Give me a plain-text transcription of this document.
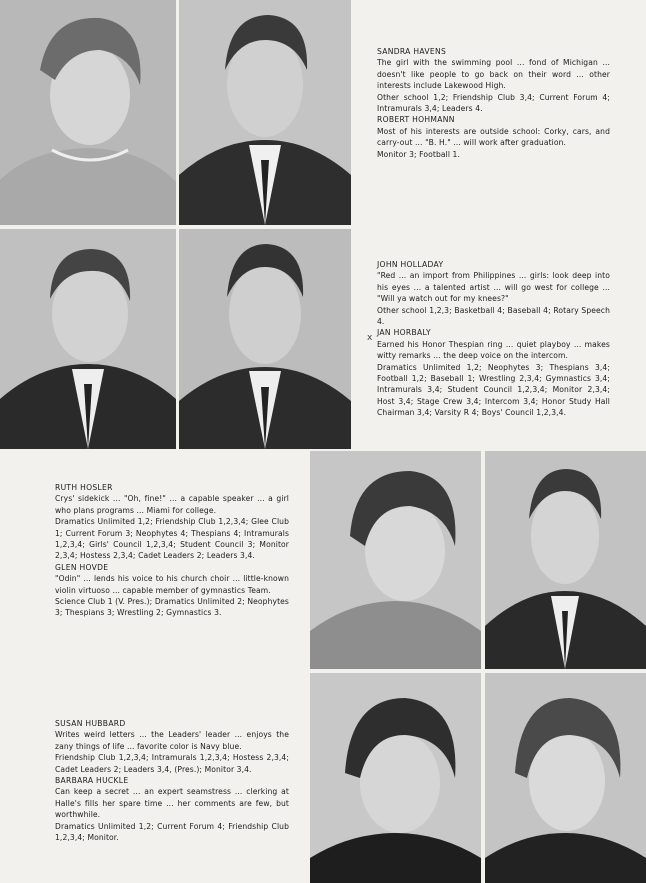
SANDRA HAVENS

The girl with the swimming pool ... fond of Michigan ... doesn't like people to go back on their word ... other interests include Lakewood High.

Other school 1,2; Friendship Club 3,4; Current Forum 4; Intramurals 3,4; Leaders 4.

ROBERT HOHMANN

Most of his interests are outside school: Corky, cars, and carry-out ... "B. H." ... will work after graduation.

Monitor 3; Football 1.

JOHN HOLLADAY

"Red ... an import from Philippines ... girls: look deep into his eyes ... a talented artist ... will go west for college ... "Will ya watch out for my knees?"

Other school 1,2,3; Basketball 4; Baseball 4; Rotary Speech 4.

JAN HORBALY

Earned his Honor Thespian ring ... quiet playboy ... makes witty remarks ... the deep voice on the intercom.

Dramatics Unlimited 1,2; Neophytes 3; Thespians 3,4; Football 1,2; Baseball 1; Wrestling 2,3,4; Gymnastics 3,4; Intramurals 3,4; Student Council 1,2,3,4; Monitor 2,3,4; Host 3,4; Stage Crew 3,4; Intercom 3,4; Honor Study Hall Chairman 3,4; Varsity R 4; Boys' Council 1,2,3,4.

x

RUTH HOSLER

Crys' sidekick ... "Oh, fine!" ... a capable speaker ... a girl who plans programs ... Miami for college.

Dramatics Unlimited 1,2; Friendship Club 1,2,3,4; Glee Club 1; Current Forum 3; Neophytes 4; Thespians 4; Intramurals 1,2,3,4; Girls' Council 1,2,3,4; Student Council 3; Monitor 2,3,4; Hostess 2,3,4; Cadet Leaders 2; Leaders 3,4.

GLEN HOVDE

"Odin" ... lends his voice to his church choir ... little-known violin virtuoso ... capable member of gymnastics Team.

Science Club 1 (V. Pres.); Dramatics Unlimited 2; Neophytes 3; Thespians 3; Wrestling 2; Gymnastics 3.

SUSAN HUBBARD

Writes weird letters ... the Leaders' leader ... enjoys the zany things of life ... favorite color is Navy blue.

Friendship Club 1,2,3,4; Intramurals 1,2,3,4; Hostess 2,3,4; Cadet Leaders 2; Leaders 3,4, (Pres.); Monitor 3,4.

BARBARA HUCKLE

Can keep a secret ... an expert seamstress ... clerking at Halle's fills her spare time ... her comments are few, but worthwhile.

Dramatics Unlimited 1,2; Current Forum 4; Friendship Club 1,2,3,4; Monitor.
